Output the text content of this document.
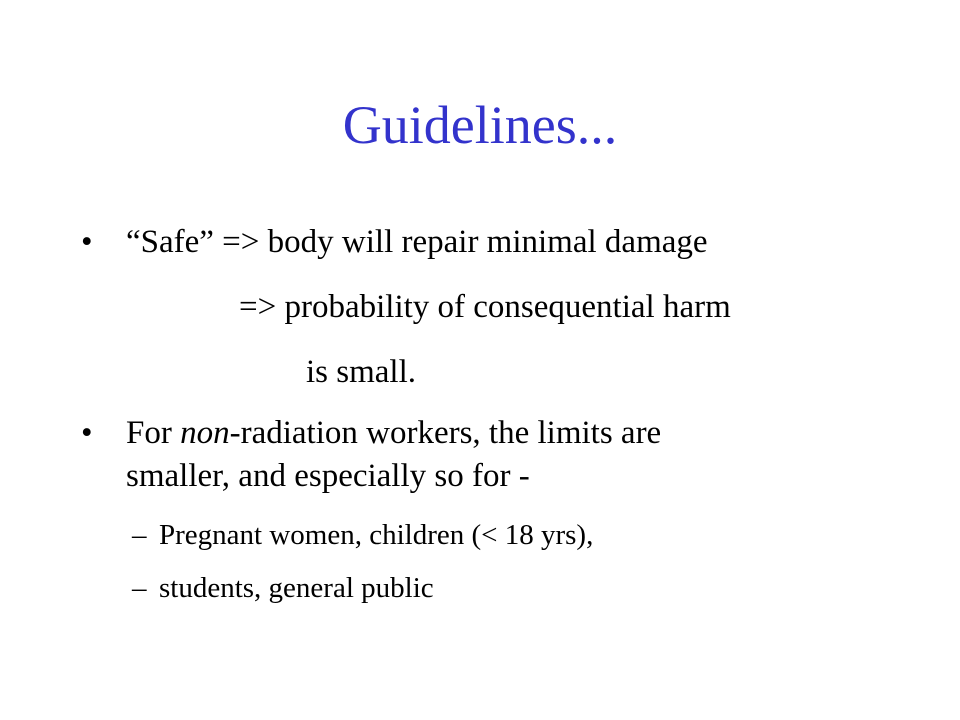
Guidelines...
• “Safe” => body will repair minimal damage
=> probability of consequential harm
is small.
• For non-radiation workers, the limits are
smaller, and especially so for -
– Pregnant women, children (< 18 yrs),
– students, general public
